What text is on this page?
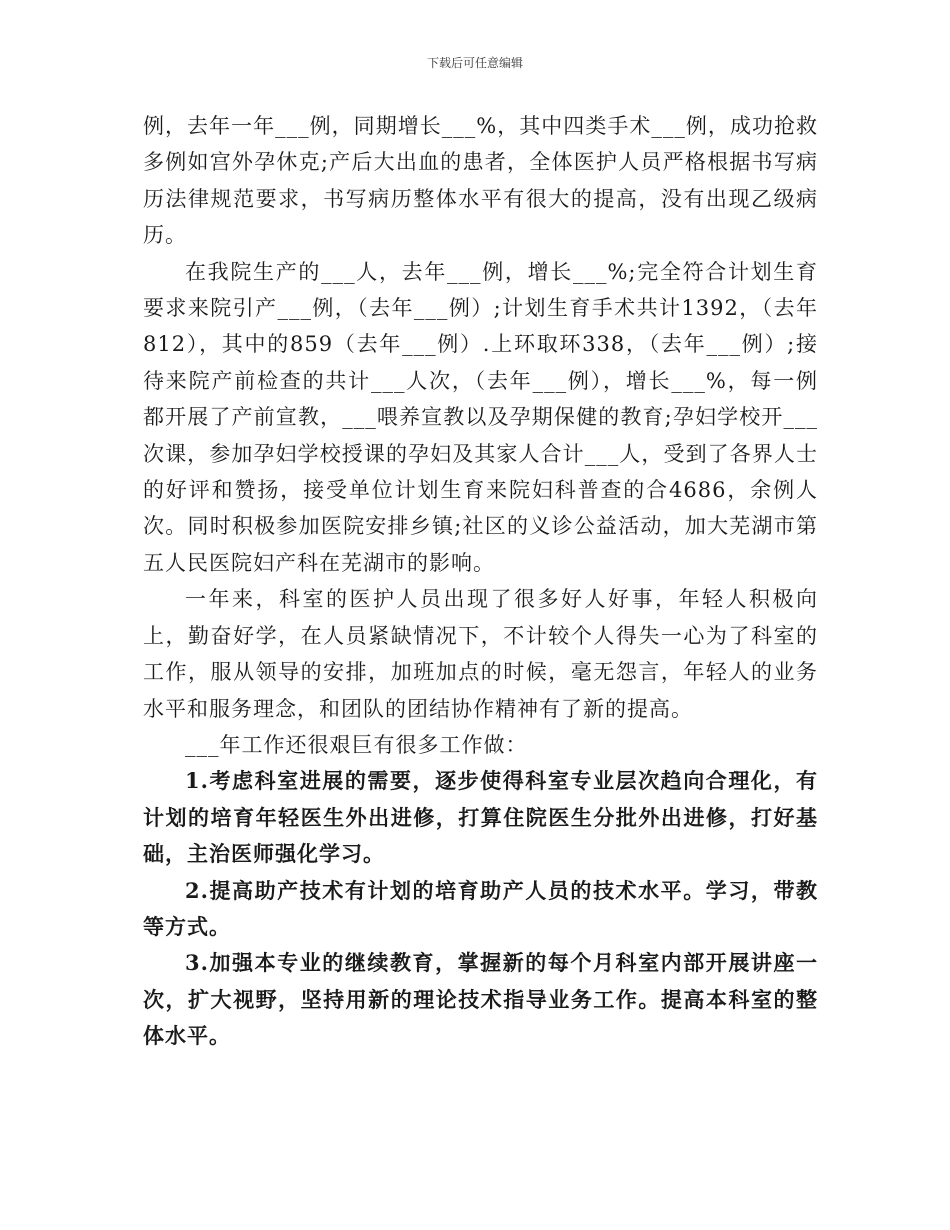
下载后可任意编辑

例，去年一年___例，同期增长___%，其中四类手术___例，成功抢救多例如宫外孕休克;产后大出血的患者，全体医护人员严格根据书写病历法律规范要求，书写病历整体水平有很大的提高，没有出现乙级病历。

在我院生产的___人，去年___例，增长___%;完全符合计划生育要求来院引产___例，（去年___例）;计划生育手术共计1392，（去年812），其中的859（去年___例）.上环取环338，（去年___例）;接待来院产前检查的共计___人次，（去年___例），增长___%，每一例都开展了产前宣教，___喂养宣教以及孕期保健的教育;孕妇学校开___次课，参加孕妇学校授课的孕妇及其家人合计___人，受到了各界人士的好评和赞扬，接受单位计划生育来院妇科普查的合4686，余例人次。同时积极参加医院安排乡镇;社区的义诊公益活动，加大芜湖市第五人民医院妇产科在芜湖市的影响。

一年来，科室的医护人员出现了很多好人好事，年轻人积极向上，勤奋好学，在人员紧缺情况下，不计较个人得失一心为了科室的工作，服从领导的安排，加班加点的时候，毫无怨言，年轻人的业务水平和服务理念，和团队的团结协作精神有了新的提高。

___年工作还很艰巨有很多工作做：

1.考虑科室进展的需要，逐步使得科室专业层次趋向合理化，有计划的培育年轻医生外出进修，打算住院医生分批外出进修，打好基础，主治医师强化学习。

2.提高助产技术有计划的培育助产人员的技术水平。学习，带教等方式。

3.加强本专业的继续教育，掌握新的每个月科室内部开展讲座一次，扩大视野，坚持用新的理论技术指导业务工作。提高本科室的整体水平。
